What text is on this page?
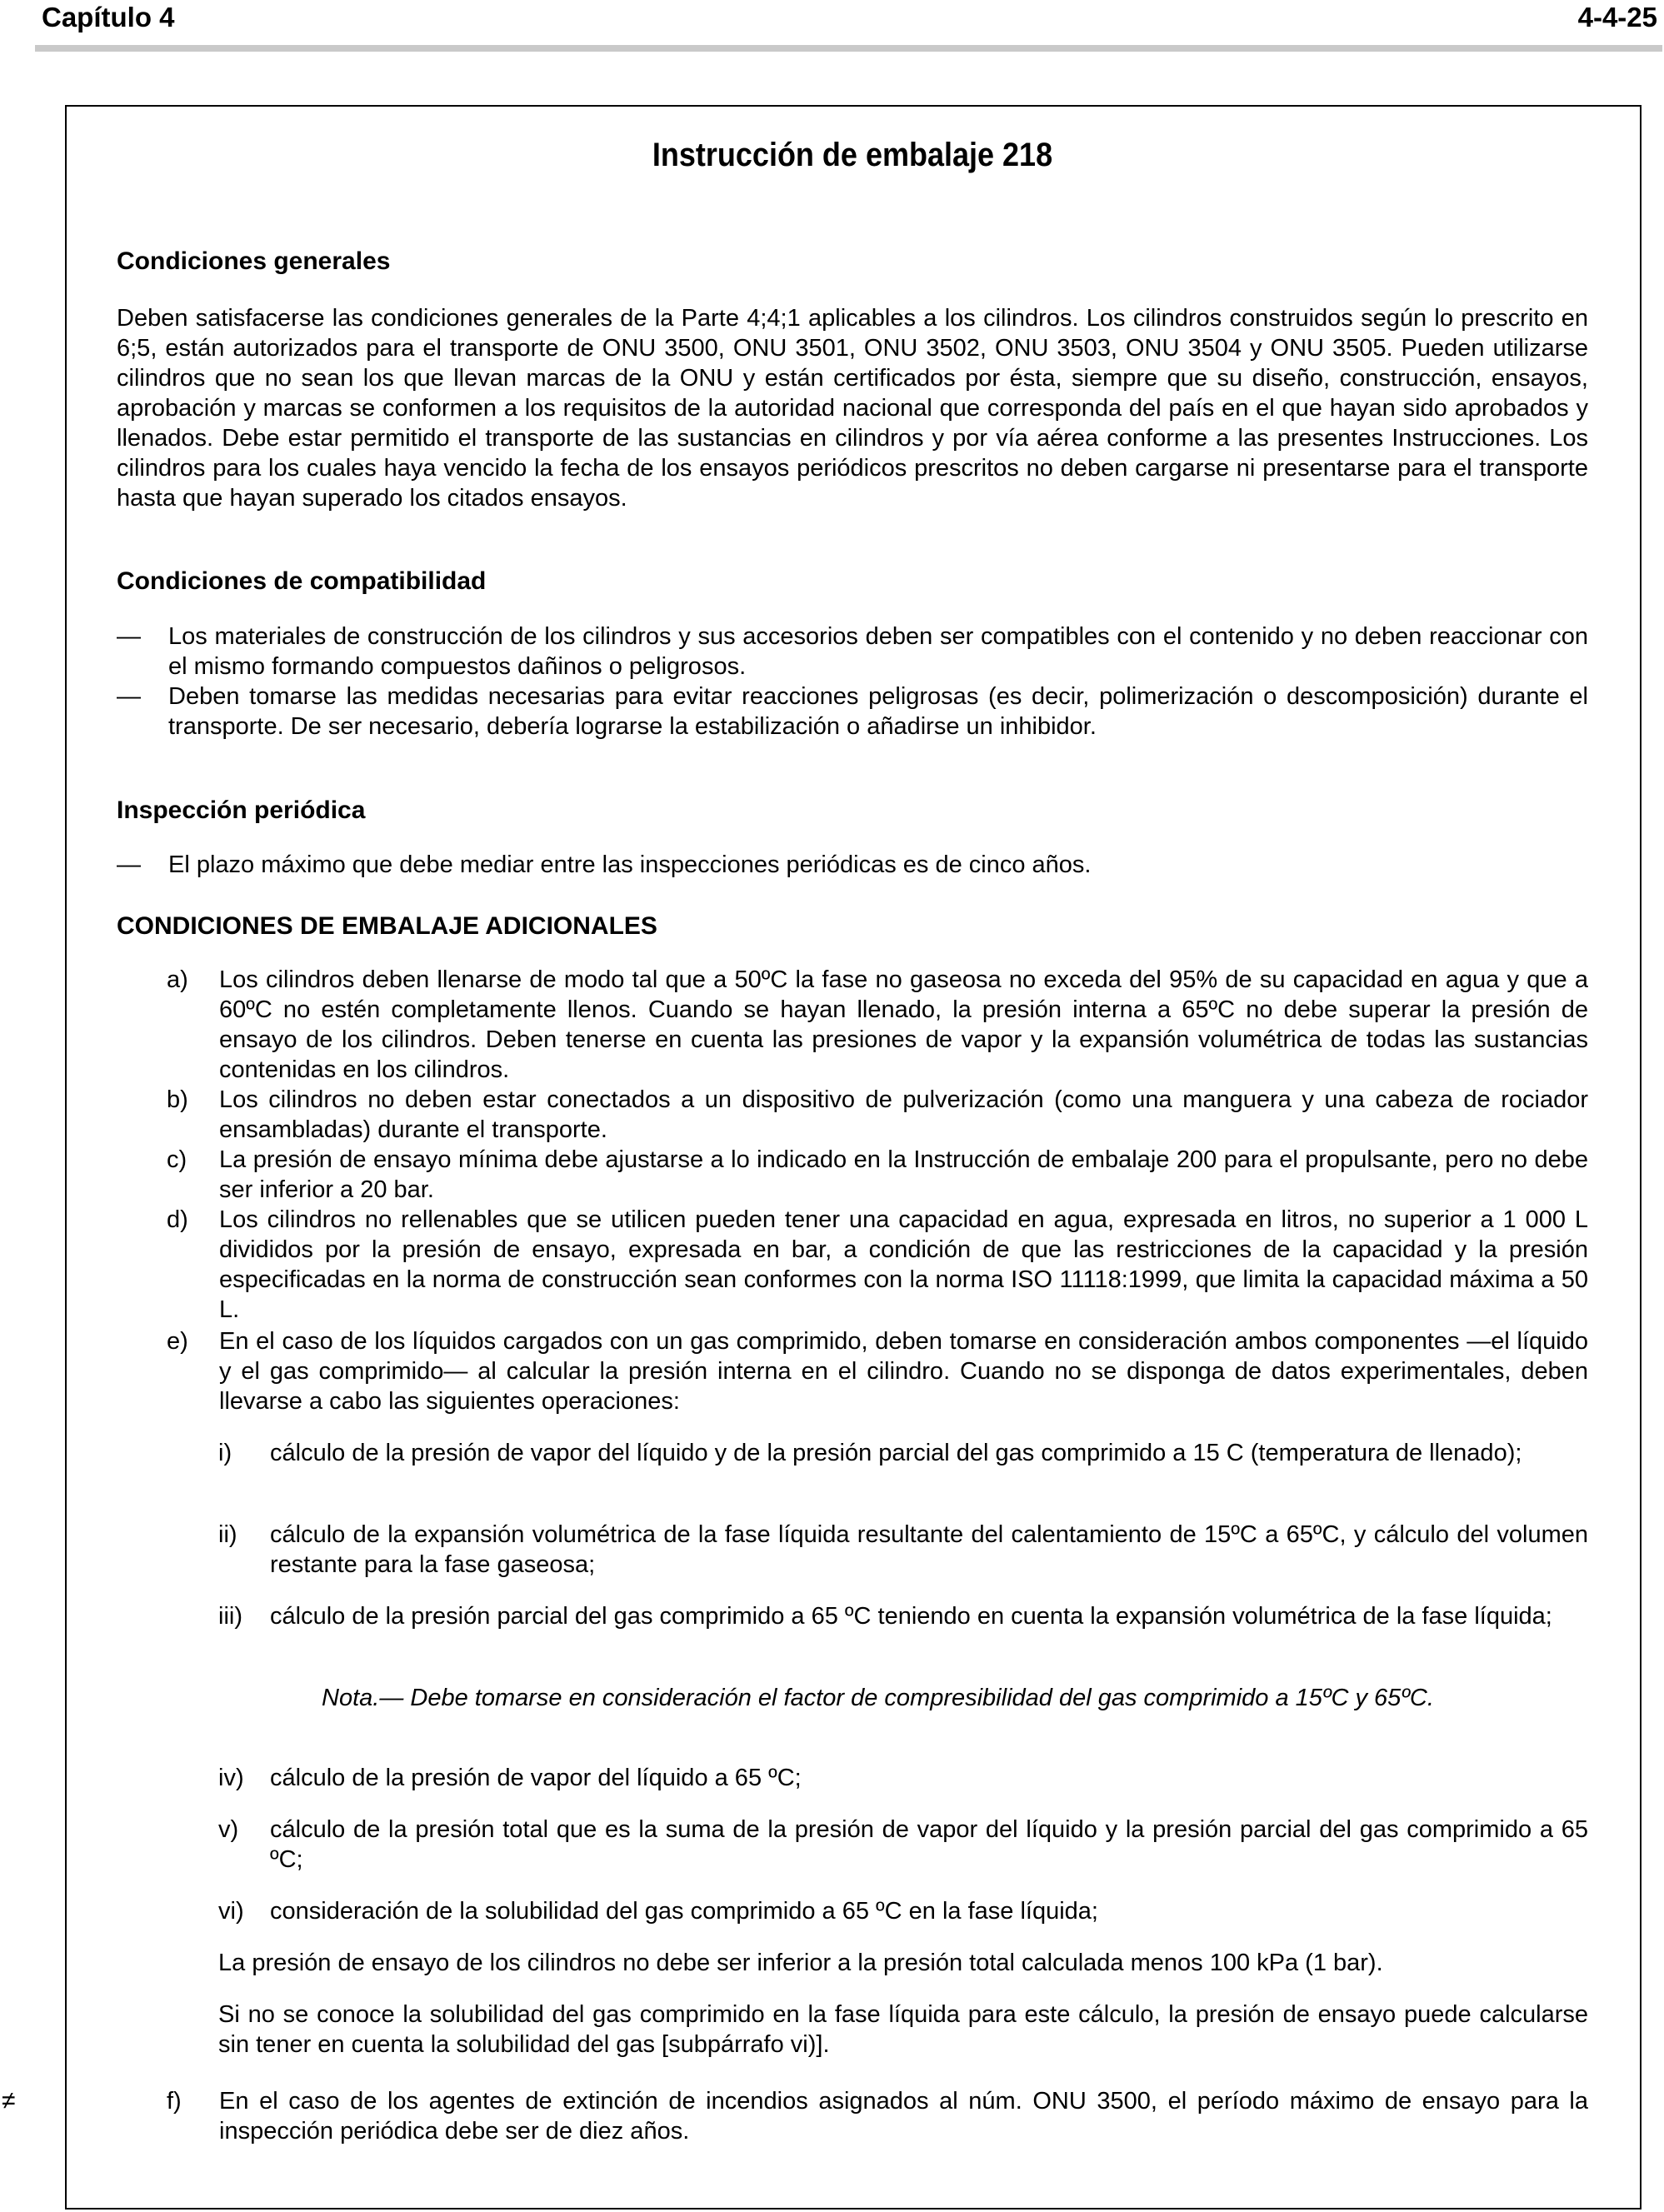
Capítulo 4	4-4-25
≠
Instrucción de embalaje 218
Condiciones generales

Deben satisfacerse las condiciones generales de la Parte 4;4;1 aplicables a los cilindros. Los cilindros construidos según lo prescrito en 6;5, están autorizados para el transporte de ONU 3500, ONU 3501, ONU 3502, ONU 3503, ONU 3504 y ONU 3505. Pueden utilizarse cilindros que no sean los que llevan marcas de la ONU y están certificados por ésta, siempre que su diseño, construcción, ensayos, aprobación y marcas se conformen a los requisitos de la autoridad nacional que corresponda del país en el que hayan sido aprobados y llenados. Debe estar permitido el transporte de las sustancias en cilindros y por vía aérea conforme a las presentes Instrucciones. Los cilindros para los cuales haya vencido la fecha de los ensayos periódicos prescritos no deben cargarse ni presentarse para el transporte hasta que hayan superado los citados ensayos.

Condiciones de compatibilidad
—	Los materiales de construcción de los cilindros y sus accesorios deben ser compatibles con el contenido y no deben reaccionar con el mismo formando compuestos dañinos o peligrosos.
—	Deben tomarse las medidas necesarias para evitar reacciones peligrosas (es decir, polimerización o descomposición) durante el transporte. De ser necesario, debería lograrse la estabilización o añadirse un inhibidor.
Inspección periódica
—	El plazo máximo que debe mediar entre las inspecciones periódicas es de cinco años.
CONDICIONES DE EMBALAJE ADICIONALES
a)	Los cilindros deben llenarse de modo tal que a 50ºC la fase no gaseosa no exceda del 95% de su capacidad en agua y que a 60ºC no estén completamente llenos. Cuando se hayan llenado, la presión interna a 65ºC no debe superar la presión de ensayo de los cilindros. Deben tenerse en cuenta las presiones de vapor y la expansión volumétrica de todas las sustancias contenidas en los cilindros.
b)	Los cilindros no deben estar conectados a un dispositivo de pulverización (como una manguera y una cabeza de rociador ensambladas) durante el transporte.
c)	La presión de ensayo mínima debe ajustarse a lo indicado en la Instrucción de embalaje 200 para el propulsante, pero no debe ser inferior a 20 bar.
d)	Los cilindros no rellenables que se utilicen pueden tener una capacidad en agua, expresada en litros, no superior a 1 000 L divididos por la presión de ensayo, expresada en bar, a condición de que las restricciones de la capacidad y la presión especificadas en la norma de construcción sean conformes con la norma ISO 11118:1999, que limita la capacidad máxima a 50 L.
e)	En el caso de los líquidos cargados con un gas comprimido, deben tomarse en consideración ambos componentes —el líquido y el gas comprimido— al calcular la presión interna en el cilindro. Cuando no se disponga de datos experimentales, deben llevarse a cabo las siguientes operaciones:
i)	cálculo de la presión de vapor del líquido y de la presión parcial del gas comprimido a 15 C (temperatura de llenado);
ii)	cálculo de la expansión volumétrica de la fase líquida resultante del calentamiento de 15ºC a 65ºC, y cálculo del volumen restante para la fase gaseosa;
iii)	cálculo de la presión parcial del gas comprimido a 65 ºC teniendo en cuenta la expansión volumétrica de la fase líquida;
Nota.— Debe tomarse en consideración el factor de compresibilidad del gas comprimido a 15ºC y 65ºC.
iv)	cálculo de la presión de vapor del líquido a 65 ºC;
v)	cálculo de la presión total que es la suma de la presión de vapor del líquido y la presión parcial del gas comprimido a 65 ºC;
vi)	consideración de la solubilidad del gas comprimido a 65 ºC en la fase líquida;
La presión de ensayo de los cilindros no debe ser inferior a la presión total calculada menos 100 kPa (1 bar).
Si no se conoce la solubilidad del gas comprimido en la fase líquida para este cálculo, la presión de ensayo puede calcularse sin tener en cuenta la solubilidad del gas [subpárrafo vi)].
f)	En el caso de los agentes de extinción de incendios asignados al núm. ONU 3500, el período máximo de ensayo para la inspección periódica debe ser de diez años.
